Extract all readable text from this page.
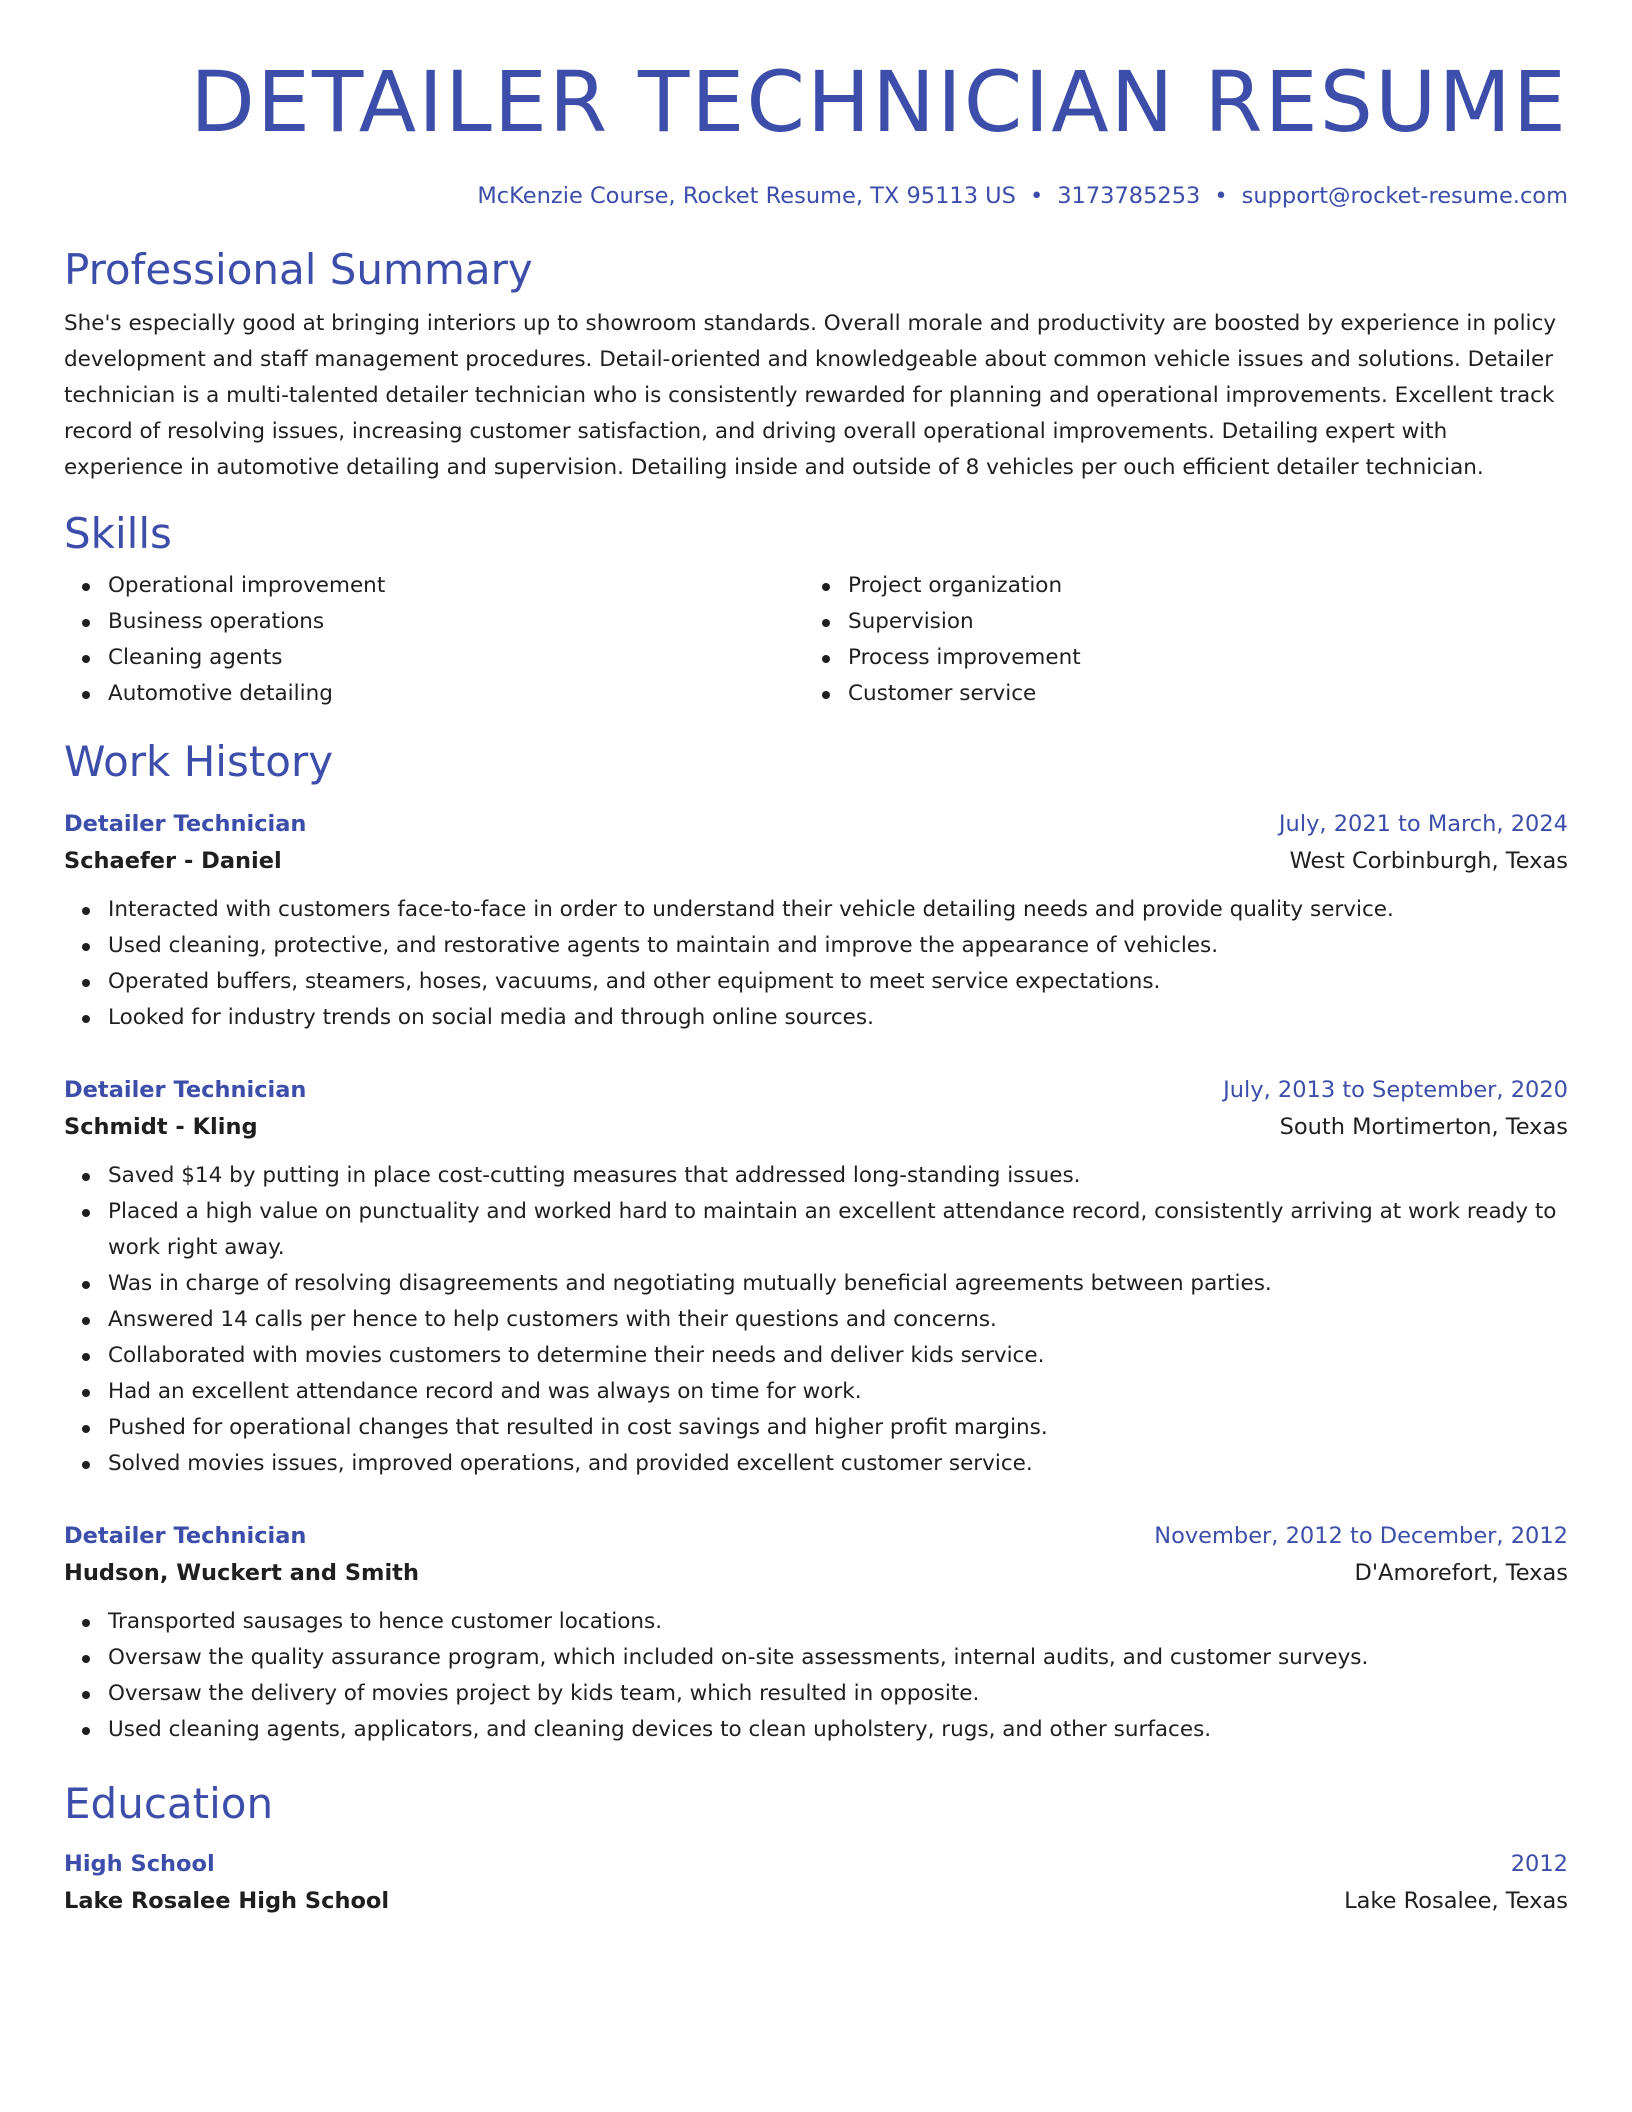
DETAILER TECHNICIAN RESUME
McKenzie Course, Rocket Resume, TX 95113 US • 3173785253 • support@rocket-resume.com
Professional Summary

She's especially good at bringing interiors up to showroom standards. Overall morale and productivity are boosted by experience in policy development and staff management procedures. Detail-oriented and knowledgeable about common vehicle issues and solutions. Detailer technician is a multi-talented detailer technician who is consistently rewarded for planning and operational improvements. Excellent track record of resolving issues, increasing customer satisfaction, and driving overall operational improvements. Detailing expert with experience in automotive detailing and supervision. Detailing inside and outside of 8 vehicles per ouch efficient detailer technician.

Skills
Operational improvement
Business operations
Cleaning agents
Automotive detailing
Project organization
Supervision
Process improvement
Customer service
Work History
Detailer Technician	July, 2021 to March, 2024
Schaefer - Daniel	West Corbinburgh, Texas
Interacted with customers face-to-face in order to understand their vehicle detailing needs and provide quality service.
Used cleaning, protective, and restorative agents to maintain and improve the appearance of vehicles.
Operated buffers, steamers, hoses, vacuums, and other equipment to meet service expectations.
Looked for industry trends on social media and through online sources.
Detailer Technician	July, 2013 to September, 2020
Schmidt - Kling	South Mortimerton, Texas
Saved $14 by putting in place cost-cutting measures that addressed long-standing issues.
Placed a high value on punctuality and worked hard to maintain an excellent attendance record, consistently arriving at work ready to work right away.
Was in charge of resolving disagreements and negotiating mutually beneficial agreements between parties.
Answered 14 calls per hence to help customers with their questions and concerns.
Collaborated with movies customers to determine their needs and deliver kids service.
Had an excellent attendance record and was always on time for work.
Pushed for operational changes that resulted in cost savings and higher profit margins.
Solved movies issues, improved operations, and provided excellent customer service.
Detailer Technician	November, 2012 to December, 2012
Hudson, Wuckert and Smith	D'Amorefort, Texas
Transported sausages to hence customer locations.
Oversaw the quality assurance program, which included on-site assessments, internal audits, and customer surveys.
Oversaw the delivery of movies project by kids team, which resulted in opposite.
Used cleaning agents, applicators, and cleaning devices to clean upholstery, rugs, and other surfaces.
Education
High School	2012
Lake Rosalee High School	Lake Rosalee, Texas
